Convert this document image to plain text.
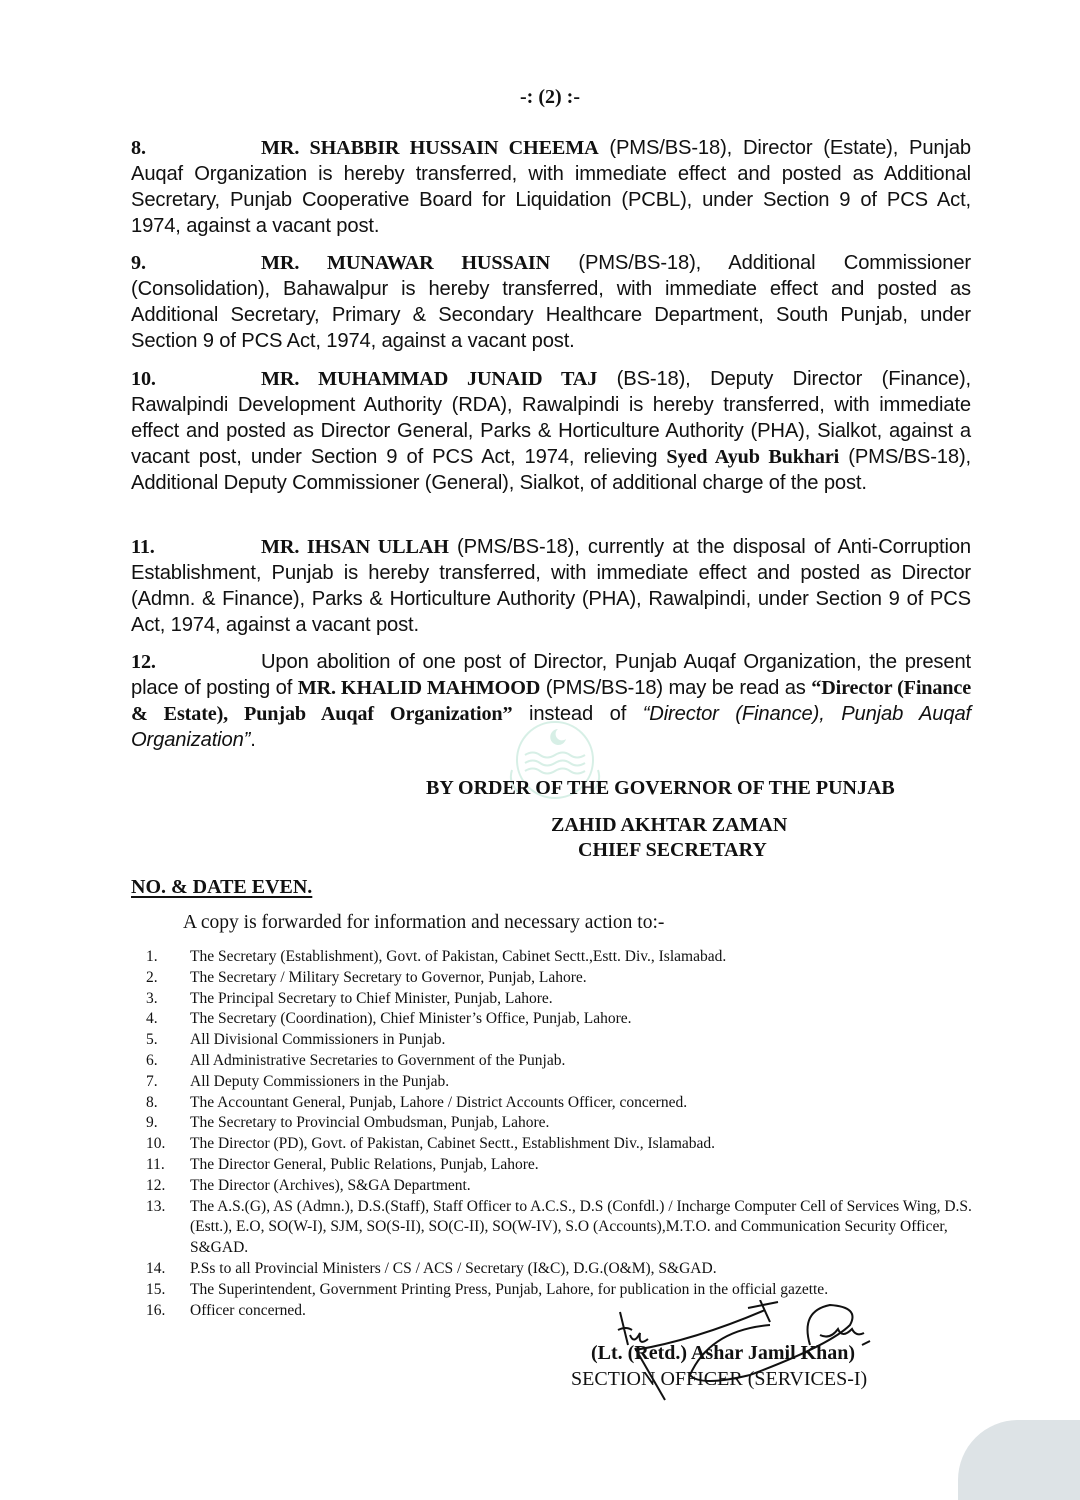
-: (2) :-
8.	MR. SHABBIR HUSSAIN CHEEMA (PMS/BS-18), Director (Estate), Punjab Auqaf Organization is hereby transferred, with immediate effect and posted as Additional Secretary, Punjab Cooperative Board for Liquidation (PCBL), under Section 9 of PCS Act, 1974, against a vacant post.
9.	MR. MUNAWAR HUSSAIN (PMS/BS-18), Additional Commissioner (Consolidation), Bahawalpur is hereby transferred, with immediate effect and posted as Additional Secretary, Primary & Secondary Healthcare Department, South Punjab, under Section 9 of PCS Act, 1974, against a vacant post.
10.	MR. MUHAMMAD JUNAID TAJ (BS-18), Deputy Director (Finance), Rawalpindi Development Authority (RDA), Rawalpindi is hereby transferred, with immediate effect and posted as Director General, Parks & Horticulture Authority (PHA), Sialkot, against a vacant post, under Section 9 of PCS Act, 1974, relieving Syed Ayub Bukhari (PMS/BS-18), Additional Deputy Commissioner (General), Sialkot, of additional charge of the post.
11.	MR. IHSAN ULLAH (PMS/BS-18), currently at the disposal of Anti-Corruption Establishment, Punjab is hereby transferred, with immediate effect and posted as Director (Admn. & Finance), Parks & Horticulture Authority (PHA), Rawalpindi, under Section 9 of PCS Act, 1974, against a vacant post.
12.	Upon abolition of one post of Director, Punjab Auqaf Organization, the present place of posting of MR. KHALID MAHMOOD (PMS/BS-18) may be read as “Director (Finance & Estate), Punjab Auqaf Organization” instead of “Director (Finance), Punjab Auqaf Organization”.
BY ORDER OF THE GOVERNOR OF THE PUNJAB
ZAHID AKHTAR ZAMAN
CHIEF SECRETARY
NO. & DATE EVEN.
A copy is forwarded for information and necessary action to:-
1.	The Secretary (Establishment), Govt. of Pakistan, Cabinet Sectt.,Estt. Div., Islamabad.
2.	The Secretary / Military Secretary to Governor, Punjab, Lahore.
3.	The Principal Secretary to Chief Minister, Punjab, Lahore.
4.	The Secretary (Coordination), Chief Minister’s Office, Punjab, Lahore.
5.	All Divisional Commissioners in Punjab.
6.	All Administrative Secretaries to Government of the Punjab.
7.	All Deputy Commissioners in the Punjab.
8.	The Accountant General, Punjab, Lahore / District Accounts Officer, concerned.
9.	The Secretary to Provincial Ombudsman, Punjab, Lahore.
10.	The Director (PD), Govt. of Pakistan, Cabinet Sectt., Establishment Div., Islamabad.
11.	The Director General, Public Relations, Punjab, Lahore.
12.	The Director (Archives), S&GA Department.
13.	The A.S.(G), AS (Admn.), D.S.(Staff), Staff Officer to A.C.S., D.S (Confdl.) / Incharge Computer Cell of Services Wing, D.S.(Estt.), E.O, SO(W-I), SJM, SO(S-II), SO(C-II), SO(W-IV), S.O (Accounts),M.T.O. and Communication Security Officer, S&GAD.
14.	P.Ss to all Provincial Ministers / CS / ACS / Secretary (I&C), D.G.(O&M), S&GAD.
15.	The Superintendent, Government Printing Press, Punjab, Lahore, for publication in the official gazette.
16.	Officer concerned.
(Lt. (Retd.) Ashar Jamil Khan)
SECTION OFFICER (SERVICES-I)
